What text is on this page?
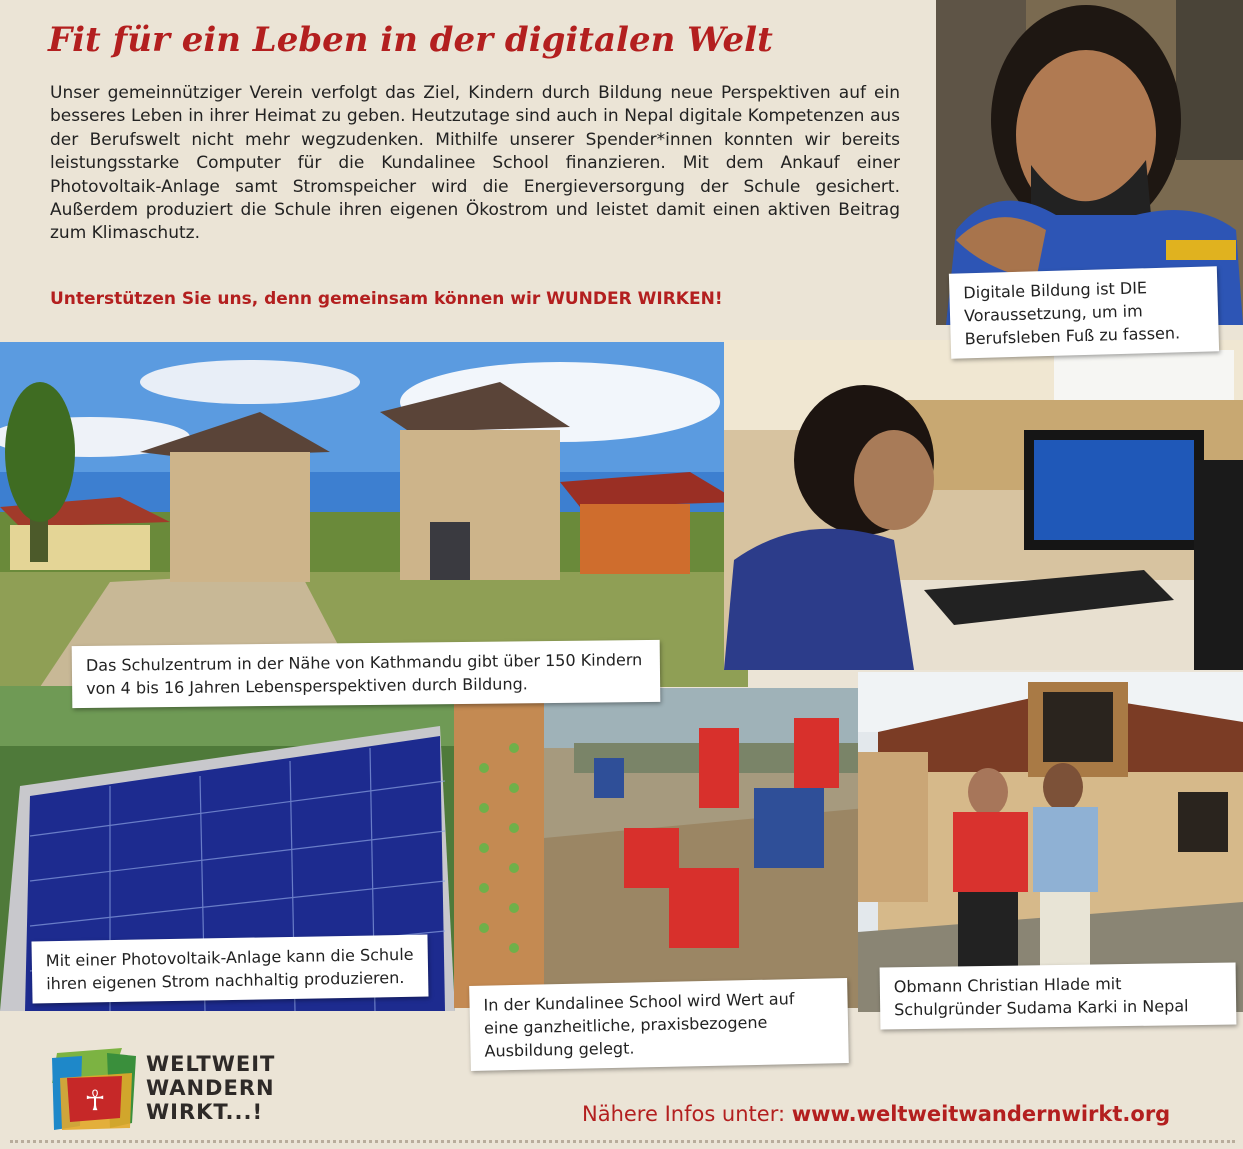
Fit für ein Leben in der digitalen Welt

Unser gemeinnütziger Verein verfolgt das Ziel, Kindern durch Bildung neue Perspektiven auf ein besseres Leben in ihrer Heimat zu geben. Heutzutage sind auch in Nepal digitale Kompetenzen aus der Berufswelt nicht mehr wegzudenken. Mithilfe unserer Spender*innen konnten wir bereits leistungsstarke Computer für die Kundalinee School finanzieren. Mit dem Ankauf einer Photovoltaik-Anlage samt Stromspeicher wird die Energieversorgung der Schule gesichert. Außerdem produziert die Schule ihren eigenen Ökostrom und leistet damit einen aktiven Beitrag zum Klimaschutz.

Unterstützen Sie uns, denn gemeinsam können wir WUNDER WIRKEN!	Digitale Bildung ist DIE Voraussetzung, um im Berufsleben Fuß zu fassen.
Das Schulzentrum in der Nähe von Kathmandu gibt über 150 Kindern von 4 bis 16 Jahren Lebensperspektiven durch Bildung.
Mit einer Photovoltaik-Anlage kann die Schule ihren eigenen Strom nachhaltig produzieren.
In der Kundalinee School wird Wert auf eine ganzheitliche, praxisbezogene Ausbildung gelegt.
Obmann Christian Hlade mit Schulgründer Sudama Karki in Nepal
☥
WELTWEIT
WANDERN
WIRKT...!	Nähere Infos unter: www.weltweitwandernwirkt.org
